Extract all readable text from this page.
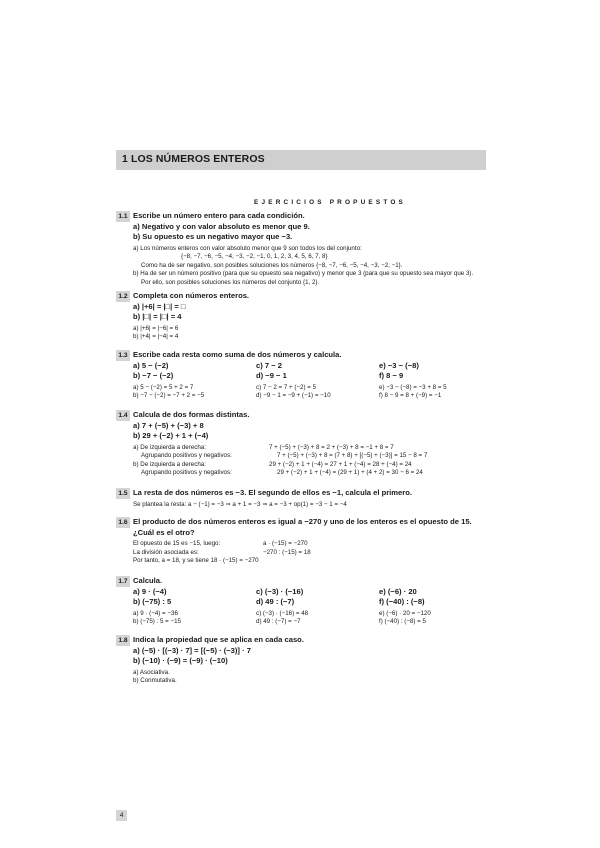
1 LOS NÚMEROS ENTEROS
EJERCICIOS PROPUESTOS
1.1 Escribe un número entero para cada condición.
a) Negativo y con valor absoluto es menor que 9.
b) Su opuesto es un negativo mayor que −3.
a) Los números enteros con valor absoluto menor que 9 son todos los del conjunto:
{−8, −7, −6, −5, −4, −3, −2, −1, 0, 1, 2, 3, 4, 5, 6, 7, 8}
Como ha de ser negativo, son posibles soluciones los números {−8, −7, −6, −5, −4, −3, −2, −1}.
b) Ha de ser un número positivo (para que su opuesto sea negativo) y menor que 3 (para que su opuesto sea mayor que 3).
Por ello, son posibles soluciones los números del conjunto {1, 2}.
1.2 Completa con números enteros.
a) |+6| = |□| = □
b) |□| = |□| = 4
a) |+6| = |−6| = 6
b) |+4| = |−4| = 4
1.3 Escribe cada resta como suma de dos números y calcula.
a) 5 − (−2)	c) 7 − 2	e) −3 − (−8)
b) −7 − (−2)	d) −9 − 1	f) 8 − 9
a) 5 − (−2) = 5 + 2 = 7	c) 7 − 2 = 7 + (−2) = 5	e) −3 − (−8) = −3 + 8 = 5
b) −7 − (−2) = −7 + 2 = −5	d) −9 − 1 = −9 + (−1) = −10	f) 8 − 9 = 8 + (−9) = −1
1.4 Calcula de dos formas distintas.
a) 7 + (−5) + (−3) + 8
b) 29 + (−2) + 1 + (−4)
a) De izquierda a derecha:	7 + (−5) + (−3) + 8 = 2 + (−3) + 8 = −1 + 8 = 7
Agrupando positivos y negativos:	7 + (−5) + (−3) + 8 = (7 + 8) + [(−5) + (−3)] = 15 − 8 = 7
b) De izquierda a derecha:	29 + (−2) + 1 + (−4) = 27 + 1 + (−4) = 28 + (−4) = 24
Agrupando positivos y negativos:	29 + (−2) + 1 + (−4) = (29 + 1) + (4 + 2) = 30 − 6 = 24
1.5 La resta de dos números es −3. El segundo de ellos es −1, calcula el primero.
Se plantea la resta: a − (−1) = −3 ⇒ a + 1 = −3 ⇒ a = −3 + op(1) = −3 − 1 = −4
1.6 El producto de dos números enteros es igual a −270 y uno de los enteros es el opuesto de 15. ¿Cuál es el otro?
El opuesto de 15 es −15, luego:	a · (−15) = −270
La división asociada es:	−270 : (−15) = 18
Por tanto, a = 18, y se tiene 18 · (−15) = −270
1.7 Calcula.
a) 9 · (−4)	c) (−3) · (−16)	e) (−6) · 20
b) (−75) : 5	d) 49 : (−7)	f) (−40) : (−8)
a) 9 · (−4) = −36	c) (−3) · (−16) = 48	e) (−6) · 20 = −120
b) (−75) : 5 = −15	d) 49 : (−7) = −7	f) (−40) : (−8) = 5
1.8 Indica la propiedad que se aplica en cada caso.
a) (−5) · [(−3) · 7] = [(−5) · (−3)] · 7
b) (−10) · (−9) = (−9) · (−10)
a) Asociativa.
b) Conmutativa.
4
